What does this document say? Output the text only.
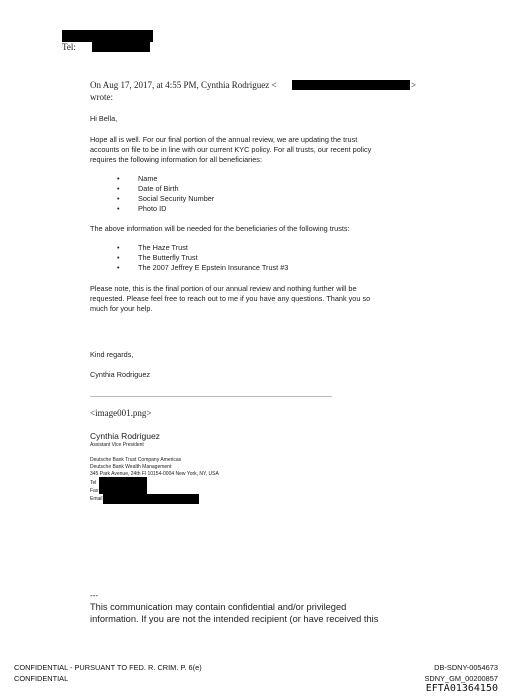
Tel:
On Aug 17, 2017, at 4:55 PM, Cynthia Rodriguez <	>
wrote:
Hi Bella,
Hope all is well. For our final portion of the annual review, we are updating the trust
accounts on file to be in line with our current KYC policy. For all trusts, our recent policy
requires the following information for all beneficiaries:
• Name
• Date of Birth
• Social Security Number
• Photo ID
The above information will be needed for the beneficiaries of the following trusts:
• The Haze Trust
• The Butterfly Trust
• The 2007 Jeffrey E Epstein Insurance Trust #3
Please note, this is the final portion of our annual review and nothing further will be
requested. Please feel free to reach out to me if you have any questions. Thank you so
much for your help.
Kind regards,
Cynthia Rodriguez
<image001.png>
Cynthia Rodriguez
Assistant Vice President
Deutsche Bank Trust Company Americas
Deutsche Bank Wealth Management
345 Park Avenue, 24th Fl 10154-0004 New York, NY, USA
Tel
Fax
Email
---
This communication may contain confidential and/or privileged
information. If you are not the intended recipient (or have received this
CONFIDENTIAL - PURSUANT TO FED. R. CRIM. P. 6(e)
CONFIDENTIAL
DB-SDNY-0054673
SDNY_GM_00200857
EFTA01364150
